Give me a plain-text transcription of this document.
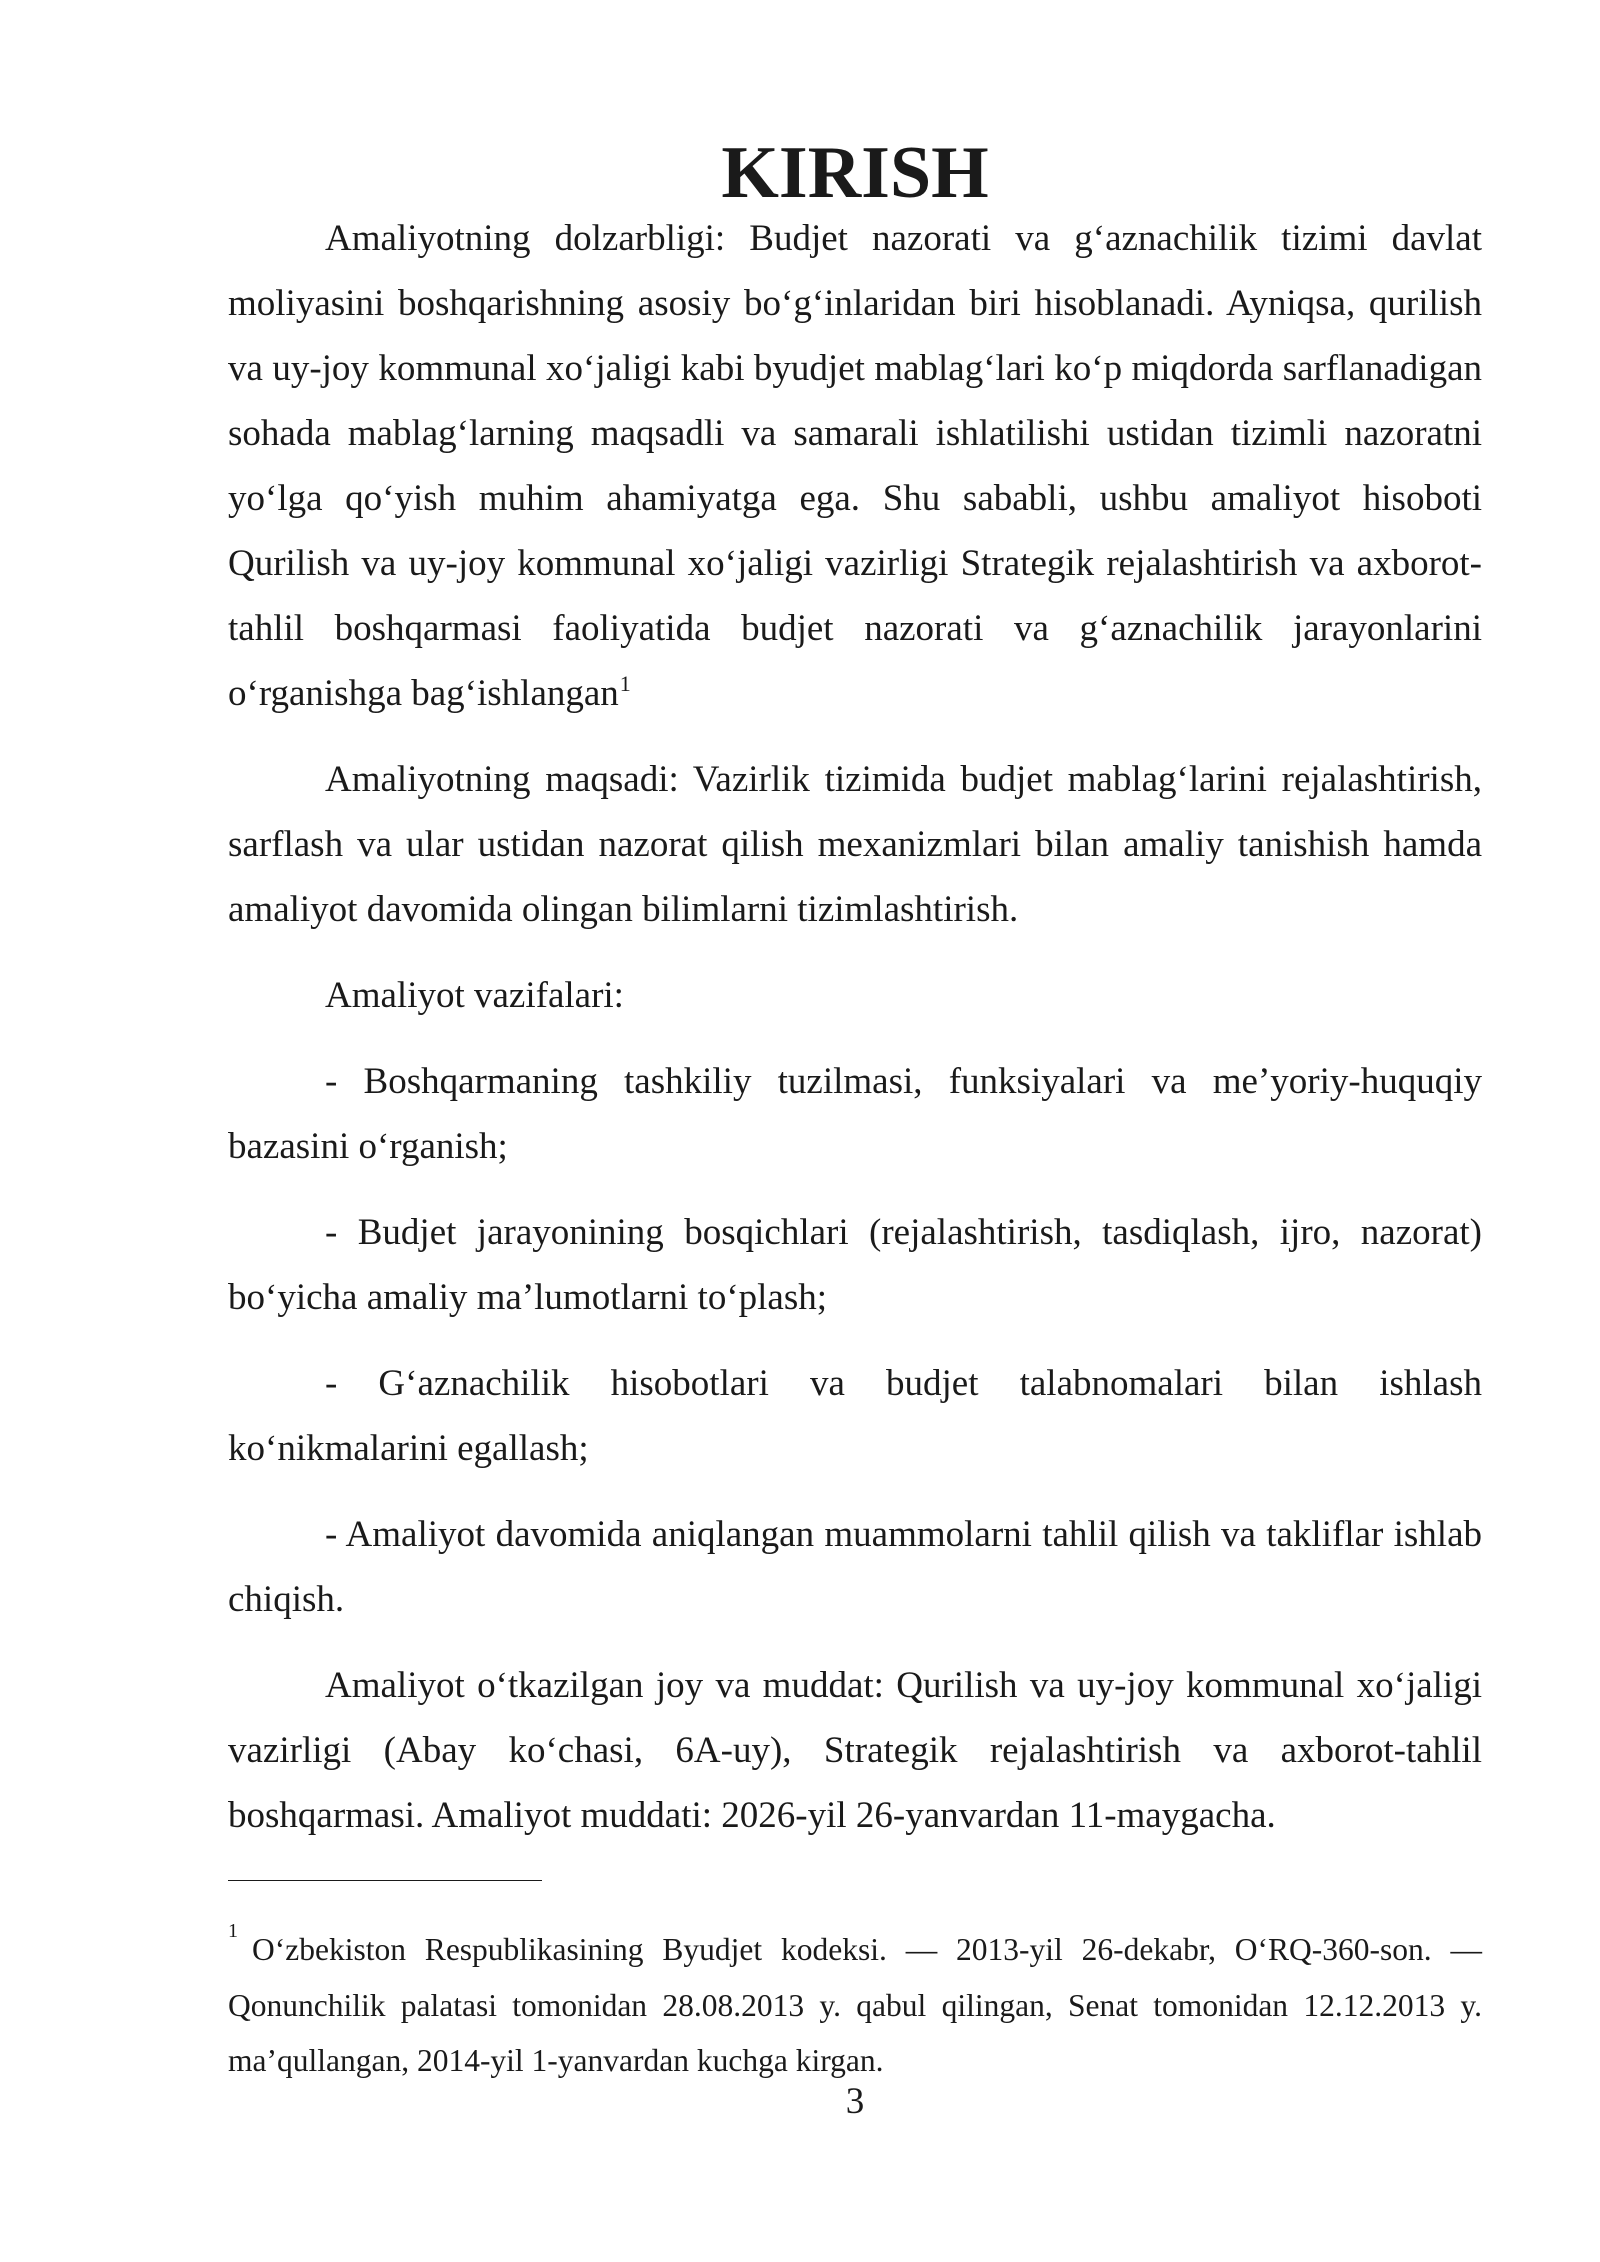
KIRISH

Amaliyotning dolzarbligi: Budjet nazorati va g‘aznachilik tizimi davlat
moliyasini boshqarishning asosiy bo‘g‘inlaridan biri hisoblanadi. Ayniqsa, qurilish
va uy-joy kommunal xo‘jaligi kabi byudjet mablag‘lari ko‘p miqdorda sarflanadigan
sohada mablag‘larning maqsadli va samarali ishlatilishi ustidan tizimli nazoratni
yo‘lga qo‘yish muhim ahamiyatga ega. Shu sababli, ushbu amaliyot hisoboti
Qurilish va uy-joy kommunal xo‘jaligi vazirligi Strategik rejalashtirish va axborot-
tahlil boshqarmasi faoliyatida budjet nazorati va g‘aznachilik jarayonlarini
o‘rganishga bag‘ishlangan$^1$

Amaliyotning maqsadi: Vazirlik tizimida budjet mablag‘larini rejalashtirish,
sarflash va ular ustidan nazorat qilish mexanizmlari bilan amaliy tanishish hamda
amaliyot davomida olingan bilimlarni tizimlashtirish.

Amaliyot vazifalari:

- Boshqarmaning tashkiliy tuzilmasi, funksiyalari va me’yoriy-huquqiy
bazasini o‘rganish;

- Budjet jarayonining bosqichlari (rejalashtirish, tasdiqlash, ijro, nazorat)
bo‘yicha amaliy ma’lumotlarni to‘plash;

- G‘aznachilik hisobotlari va budjet talabnomalari bilan ishlash
ko‘nikmalarini egallash;

- Amaliyot davomida aniqlangan muammolarni tahlil qilish va takliflar ishlab
chiqish.

Amaliyot o‘tkazilgan joy va muddat: Qurilish va uy-joy kommunal xo‘jaligi
vazirligi (Abay ko‘chasi, 6A-uy), Strategik rejalashtirish va axborot-tahlil
boshqarmasi. Amaliyot muddati: 2026-yil 26-yanvardan 11-maygacha.

$^1$O‘zbekiston Respublikasining Byudjet kodeksi. — 2013-yil 26-dekabr, O‘RQ-360-son. —
Qonunchilik palatasi tomonidan 28.08.2013 y. qabul qilingan, Senat tomonidan 12.12.2013 y.
ma’qullangan, 2014-yil 1-yanvardan kuchga kirgan.
3
